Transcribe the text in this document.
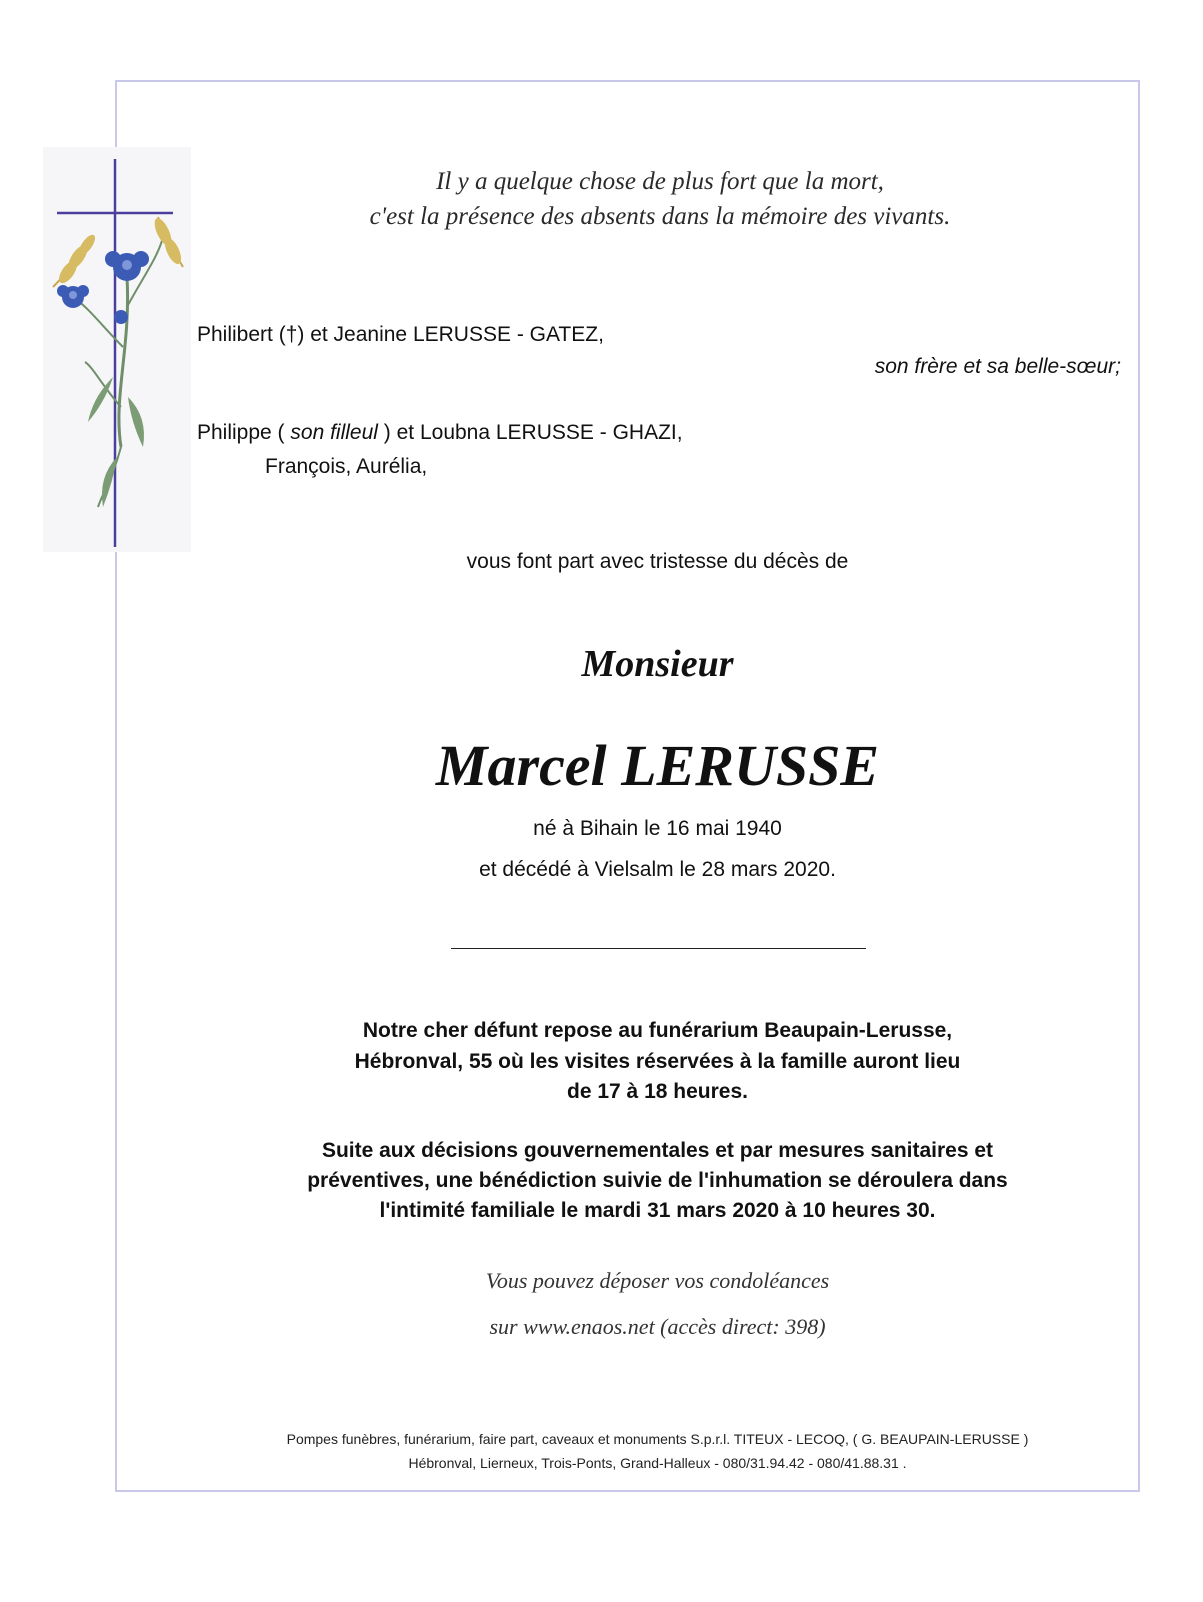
Il y a quelque chose de plus fort que la mort,

c'est la présence des absents dans la mémoire des vivants.

Philibert (†) et Jeanine LERUSSE - GATEZ,

son frère et sa belle-sœur;

Philippe ( son filleul ) et Loubna LERUSSE - GHAZI,

François, Aurélia,

vous font part avec tristesse du décès de

Monsieur

Marcel LERUSSE

né à Bihain le 16 mai 1940

et décédé à Vielsalm le 28 mars 2020.

Notre cher défunt repose au funérarium Beaupain-Lerusse,

Hébronval, 55 où les visites réservées à la famille auront lieu

de 17 à 18 heures.

Suite aux décisions gouvernementales et par mesures sanitaires et

préventives, une bénédiction suivie de l'inhumation se déroulera dans

l'intimité familiale le mardi 31 mars 2020 à 10 heures 30.

Vous pouvez déposer vos condoléances

sur www.enaos.net (accès direct: 398)

Pompes funèbres, funérarium, faire part, caveaux et monuments S.p.r.l. TITEUX - LECOQ, ( G. BEAUPAIN-LERUSSE )

Hébronval, Lierneux, Trois-Ponts, Grand-Halleux - 080/31.94.42 - 080/41.88.31 .
